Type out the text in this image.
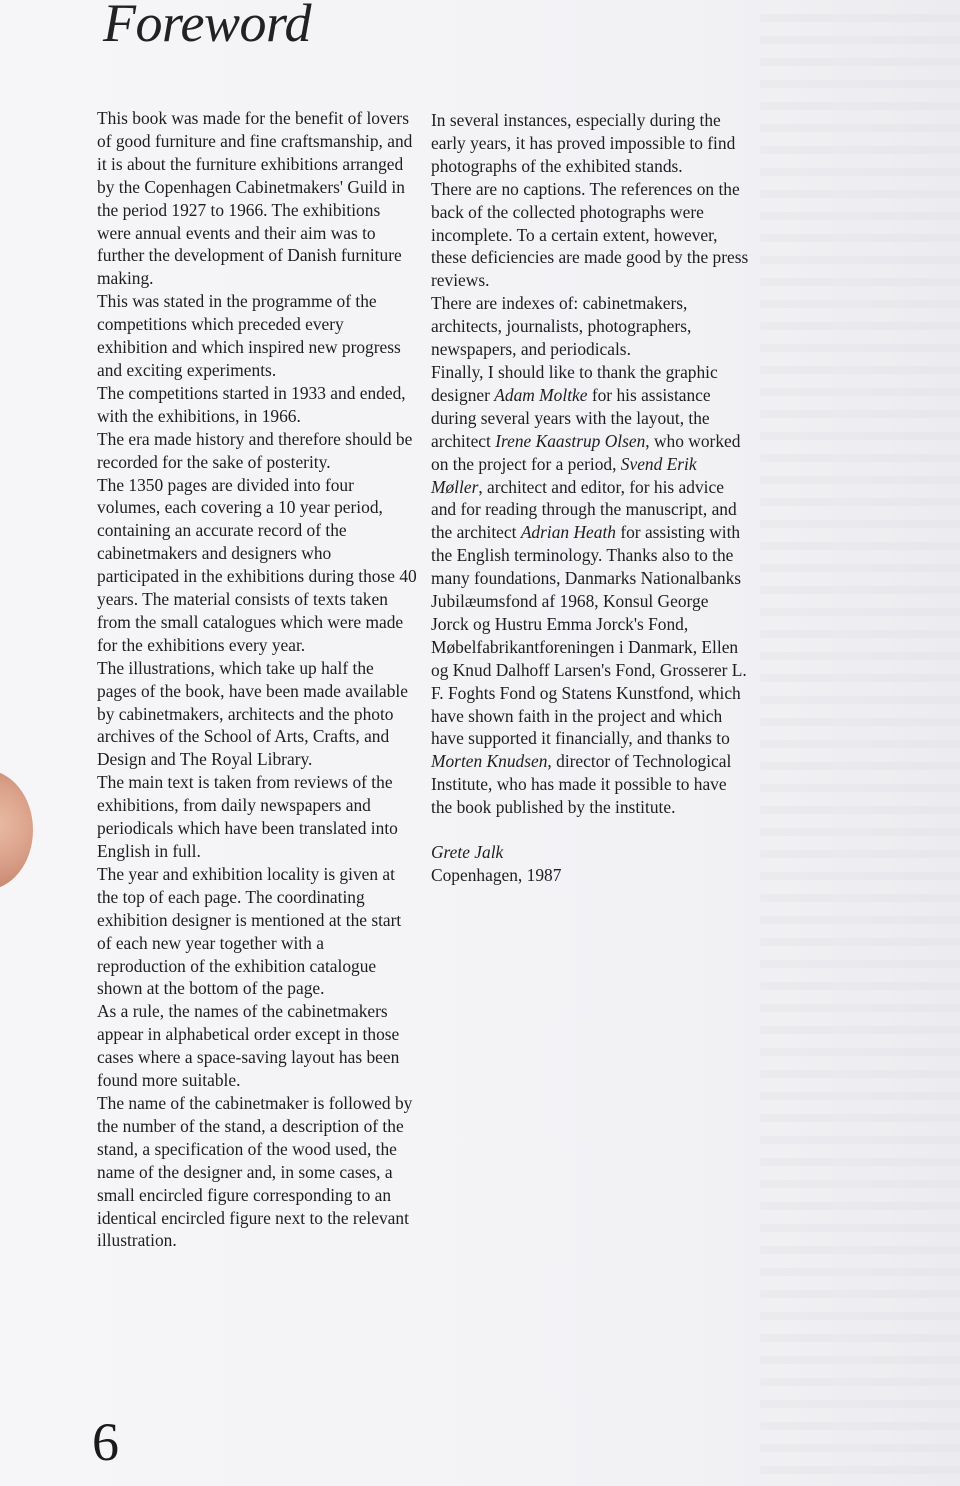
Foreword

This book was made for the benefit of lovers of good furniture and fine craftsmanship, and it is about the furniture exhibitions arranged by the Copenhagen Cabinetmakers' Guild in the period 1927 to 1966. The exhibitions were annual events and their aim was to further the development of Danish furniture making.

This was stated in the programme of the competitions which preceded every exhibition and which inspired new progress and exciting experiments.

The competitions started in 1933 and ended, with the exhibitions, in 1966.

The era made history and therefore should be recorded for the sake of posterity.

The 1350 pages are divided into four volumes, each covering a 10 year period, containing an accurate record of the cabinetmakers and designers who participated in the exhibitions during those 40 years. The material consists of texts taken from the small catalogues which were made for the exhibitions every year.

The illustrations, which take up half the pages of the book, have been made available by cabinetmakers, architects and the photo archives of the School of Arts, Crafts, and Design and The Royal Library.

The main text is taken from reviews of the exhibitions, from daily newspapers and periodicals which have been translated into English in full.

The year and exhibition locality is given at the top of each page. The coordinating exhibition designer is mentioned at the start of each new year together with a reproduction of the exhibition catalogue shown at the bottom of the page.

As a rule, the names of the cabinetmakers appear in alphabetical order except in those cases where a space-saving layout has been found more suitable.

The name of the cabinetmaker is followed by the number of the stand, a description of the stand, a specification of the wood used, the name of the designer and, in some cases, a small encircled figure corresponding to an identical encircled figure next to the relevant illustration.

In several instances, especially during the early years, it has proved impossible to find photographs of the exhibited stands.

There are no captions. The references on the back of the collected photographs were incomplete. To a certain extent, however, these deficiencies are made good by the press reviews.

There are indexes of: cabinetmakers, architects, journalists, photographers, newspapers, and periodicals.

Finally, I should like to thank the graphic designer Adam Moltke for his assistance during several years with the layout, the architect Irene Kaastrup Olsen, who worked on the project for a period, Svend Erik Møller, architect and editor, for his advice and for reading through the manuscript, and the architect Adrian Heath for assisting with the English terminology. Thanks also to the many foundations, Danmarks Nationalbanks Jubilæumsfond af 1968, Konsul George Jorck og Hustru Emma Jorck's Fond, Møbelfabrikantforeningen i Danmark, Ellen og Knud Dalhoff Larsen's Fond, Grosserer L. F. Foghts Fond og Statens Kunstfond, which have shown faith in the project and which have supported it financially, and thanks to Morten Knudsen, director of Technological Institute, who has made it possible to have the book published by the institute.

Grete Jalk
Copenhagen, 1987
6
